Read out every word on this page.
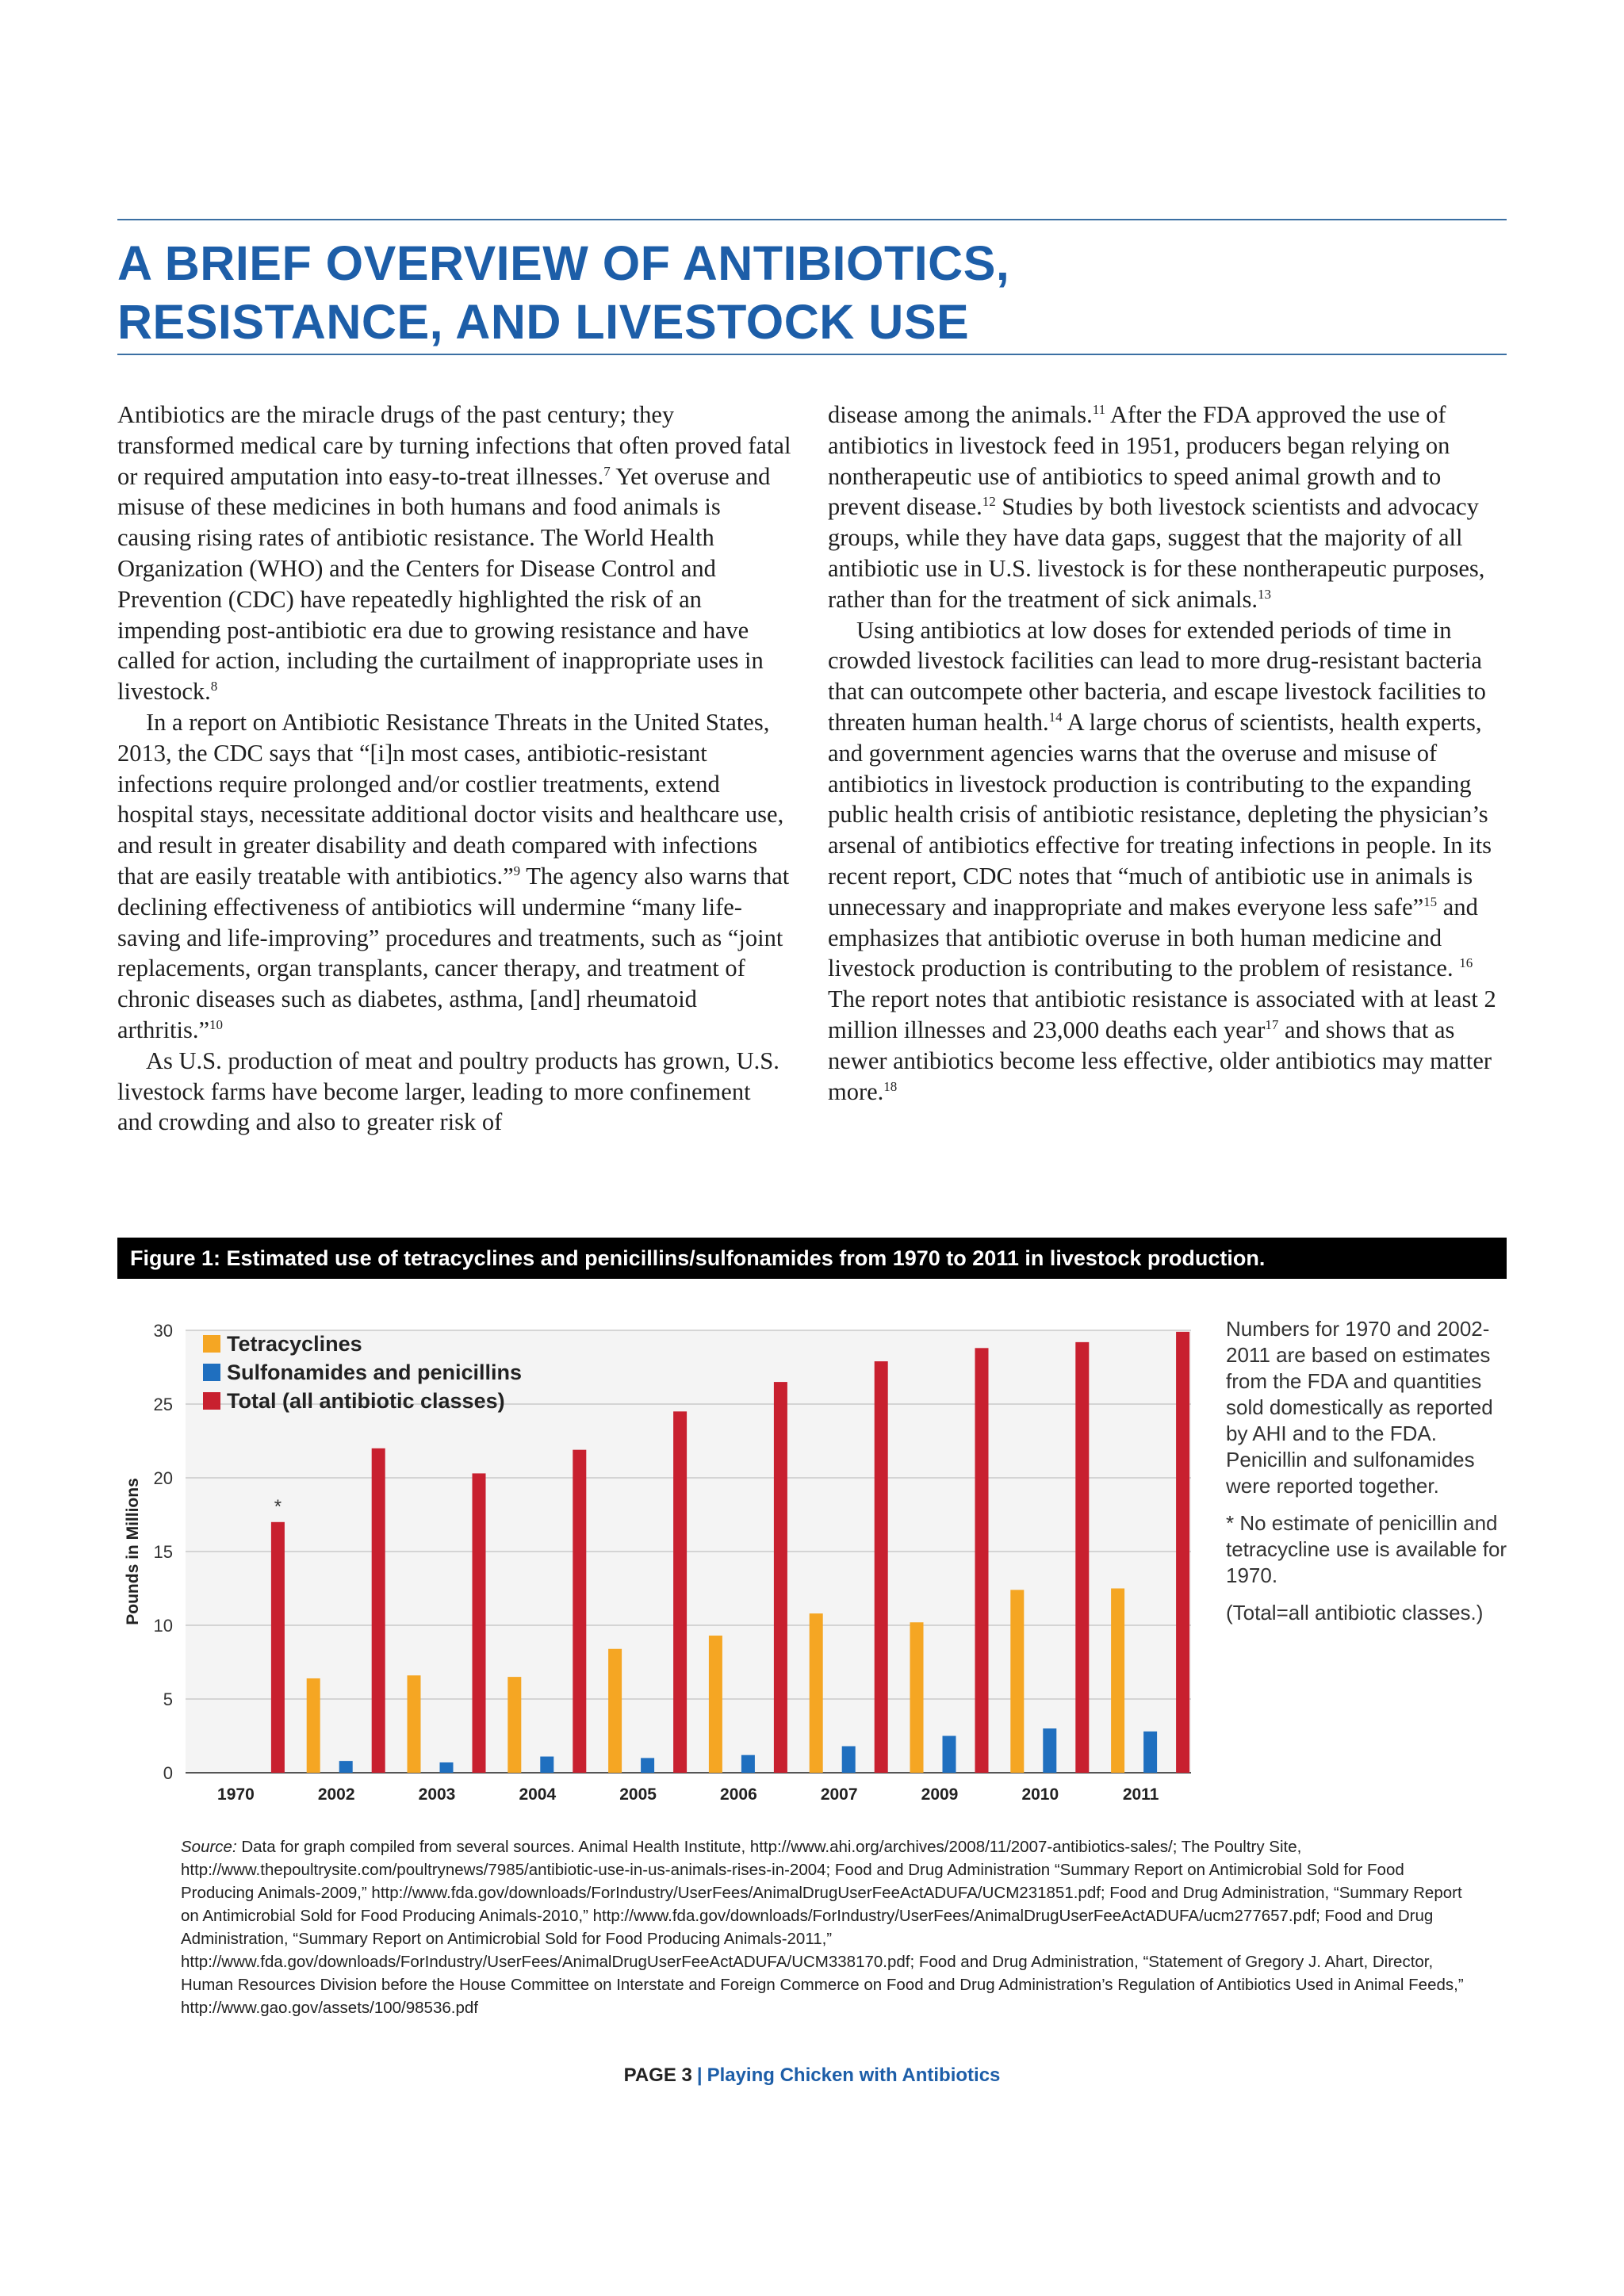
A BRIEF OVERVIEW OF ANTIBIOTICS,
RESISTANCE, AND LIVESTOCK USE

Antibiotics are the miracle drugs of the past century; they transformed medical care by turning infections that often proved fatal or required amputation into easy-to-treat illnesses.$^7$ Yet overuse and misuse of these medicines in both humans and food animals is causing rising rates of antibiotic resistance. The World Health Organization (WHO) and the Centers for Disease Control and Prevention (CDC) have repeatedly highlighted the risk of an impending post-antibiotic era due to growing resistance and have called for action, including the curtailment of inappropriate uses in livestock.$^8$

In a report on Antibiotic Resistance Threats in the United States, 2013, the CDC says that “[i]n most cases, antibiotic-resistant infections require prolonged and/or costlier treatments, extend hospital stays, necessitate additional doctor visits and healthcare use, and result in greater disability and death compared with infections that are easily treatable with antibiotics.”$^9$ The agency also warns that declining effectiveness of antibiotics will undermine “many life-saving and life-improving” procedures and treatments, such as “joint replacements, organ transplants, cancer therapy, and treatment of chronic diseases such as diabetes, asthma, [and] rheumatoid arthritis.”$^{10}$

As U.S. production of meat and poultry products has grown, U.S. livestock farms have become larger, leading to more confinement and crowding and also to greater risk of

disease among the animals.$^{11}$ After the FDA approved the use of antibiotics in livestock feed in 1951, producers began relying on nontherapeutic use of antibiotics to speed animal growth and to prevent disease.$^{12}$ Studies by both livestock scientists and advocacy groups, while they have data gaps, suggest that the majority of all antibiotic use in U.S. livestock is for these nontherapeutic purposes, rather than for the treatment of sick animals.$^{13}$

Using antibiotics at low doses for extended periods of time in crowded livestock facilities can lead to more drug-resistant bacteria that can outcompete other bacteria, and escape livestock facilities to threaten human health.$^{14}$ A large chorus of scientists, health experts, and government agencies warns that the overuse and misuse of antibiotics in livestock production is contributing to the expanding public health crisis of antibiotic resistance, depleting the physician’s arsenal of antibiotics effective for treating infections in people. In its recent report, CDC notes that “much of antibiotic use in animals is unnecessary and inappropriate and makes everyone less safe”$^{15}$ and emphasizes that antibiotic overuse in both human medicine and livestock production is contributing to the problem of resistance. $^{16}$ The report notes that antibiotic resistance is associated with at least 2 million illnesses and 23,000 deaths each year$^{17}$ and shows that as newer antibiotics become less effective, older antibiotics may matter more.$^{18}$

Figure 1: Estimated use of tetracyclines and penicillins/sulfonamides from 1970 to 2011 in livestock production.
0
5
10
15
20
25
30
Pounds in Millions
1970	2002	2003	2004	2005	2006	2007	2009	2010	2011
*
Tetracyclines
Sulfonamides and penicillins
Total (all antibiotic classes)

Numbers for 1970 and 2002-2011 are based on estimates from the FDA and quantities sold domestically as reported by AHI and to the FDA. Penicillin and sulfonamides were reported together.

* No estimate of penicillin and tetracycline use is available for 1970.

(Total=all antibiotic classes.)

Source: Data for graph compiled from several sources. Animal Health Institute, http://www.ahi.org/archives/2008/11/2007-antibiotics-sales/; The Poultry Site, http://www.thepoultrysite.com/poultrynews/7985/antibiotic-use-in-us-animals-rises-in-2004; Food and Drug Administration “Summary Report on Antimicrobial Sold for Food Producing Animals-2009,” http://www.fda.gov/downloads/ForIndustry/UserFees/AnimalDrugUserFeeActADUFA/UCM231851.pdf; Food and Drug Administration, “Summary Report on Antimicrobial Sold for Food Producing Animals-2010,” http://www.fda.gov/downloads/ForIndustry/UserFees/AnimalDrugUserFeeActADUFA/ucm277657.pdf; Food and Drug Administration, “Summary Report on Antimicrobial Sold for Food Producing Animals-2011,” http://www.fda.gov/downloads/ForIndustry/UserFees/AnimalDrugUserFeeActADUFA/UCM338170.pdf; Food and Drug Administration, “Statement of Gregory J. Ahart, Director, Human Resources Division before the House Committee on Interstate and Foreign Commerce on Food and Drug Administration’s Regulation of Antibiotics Used in Animal Feeds,” http://www.gao.gov/assets/100/98536.pdf
PAGE 3 | Playing Chicken with Antibiotics
